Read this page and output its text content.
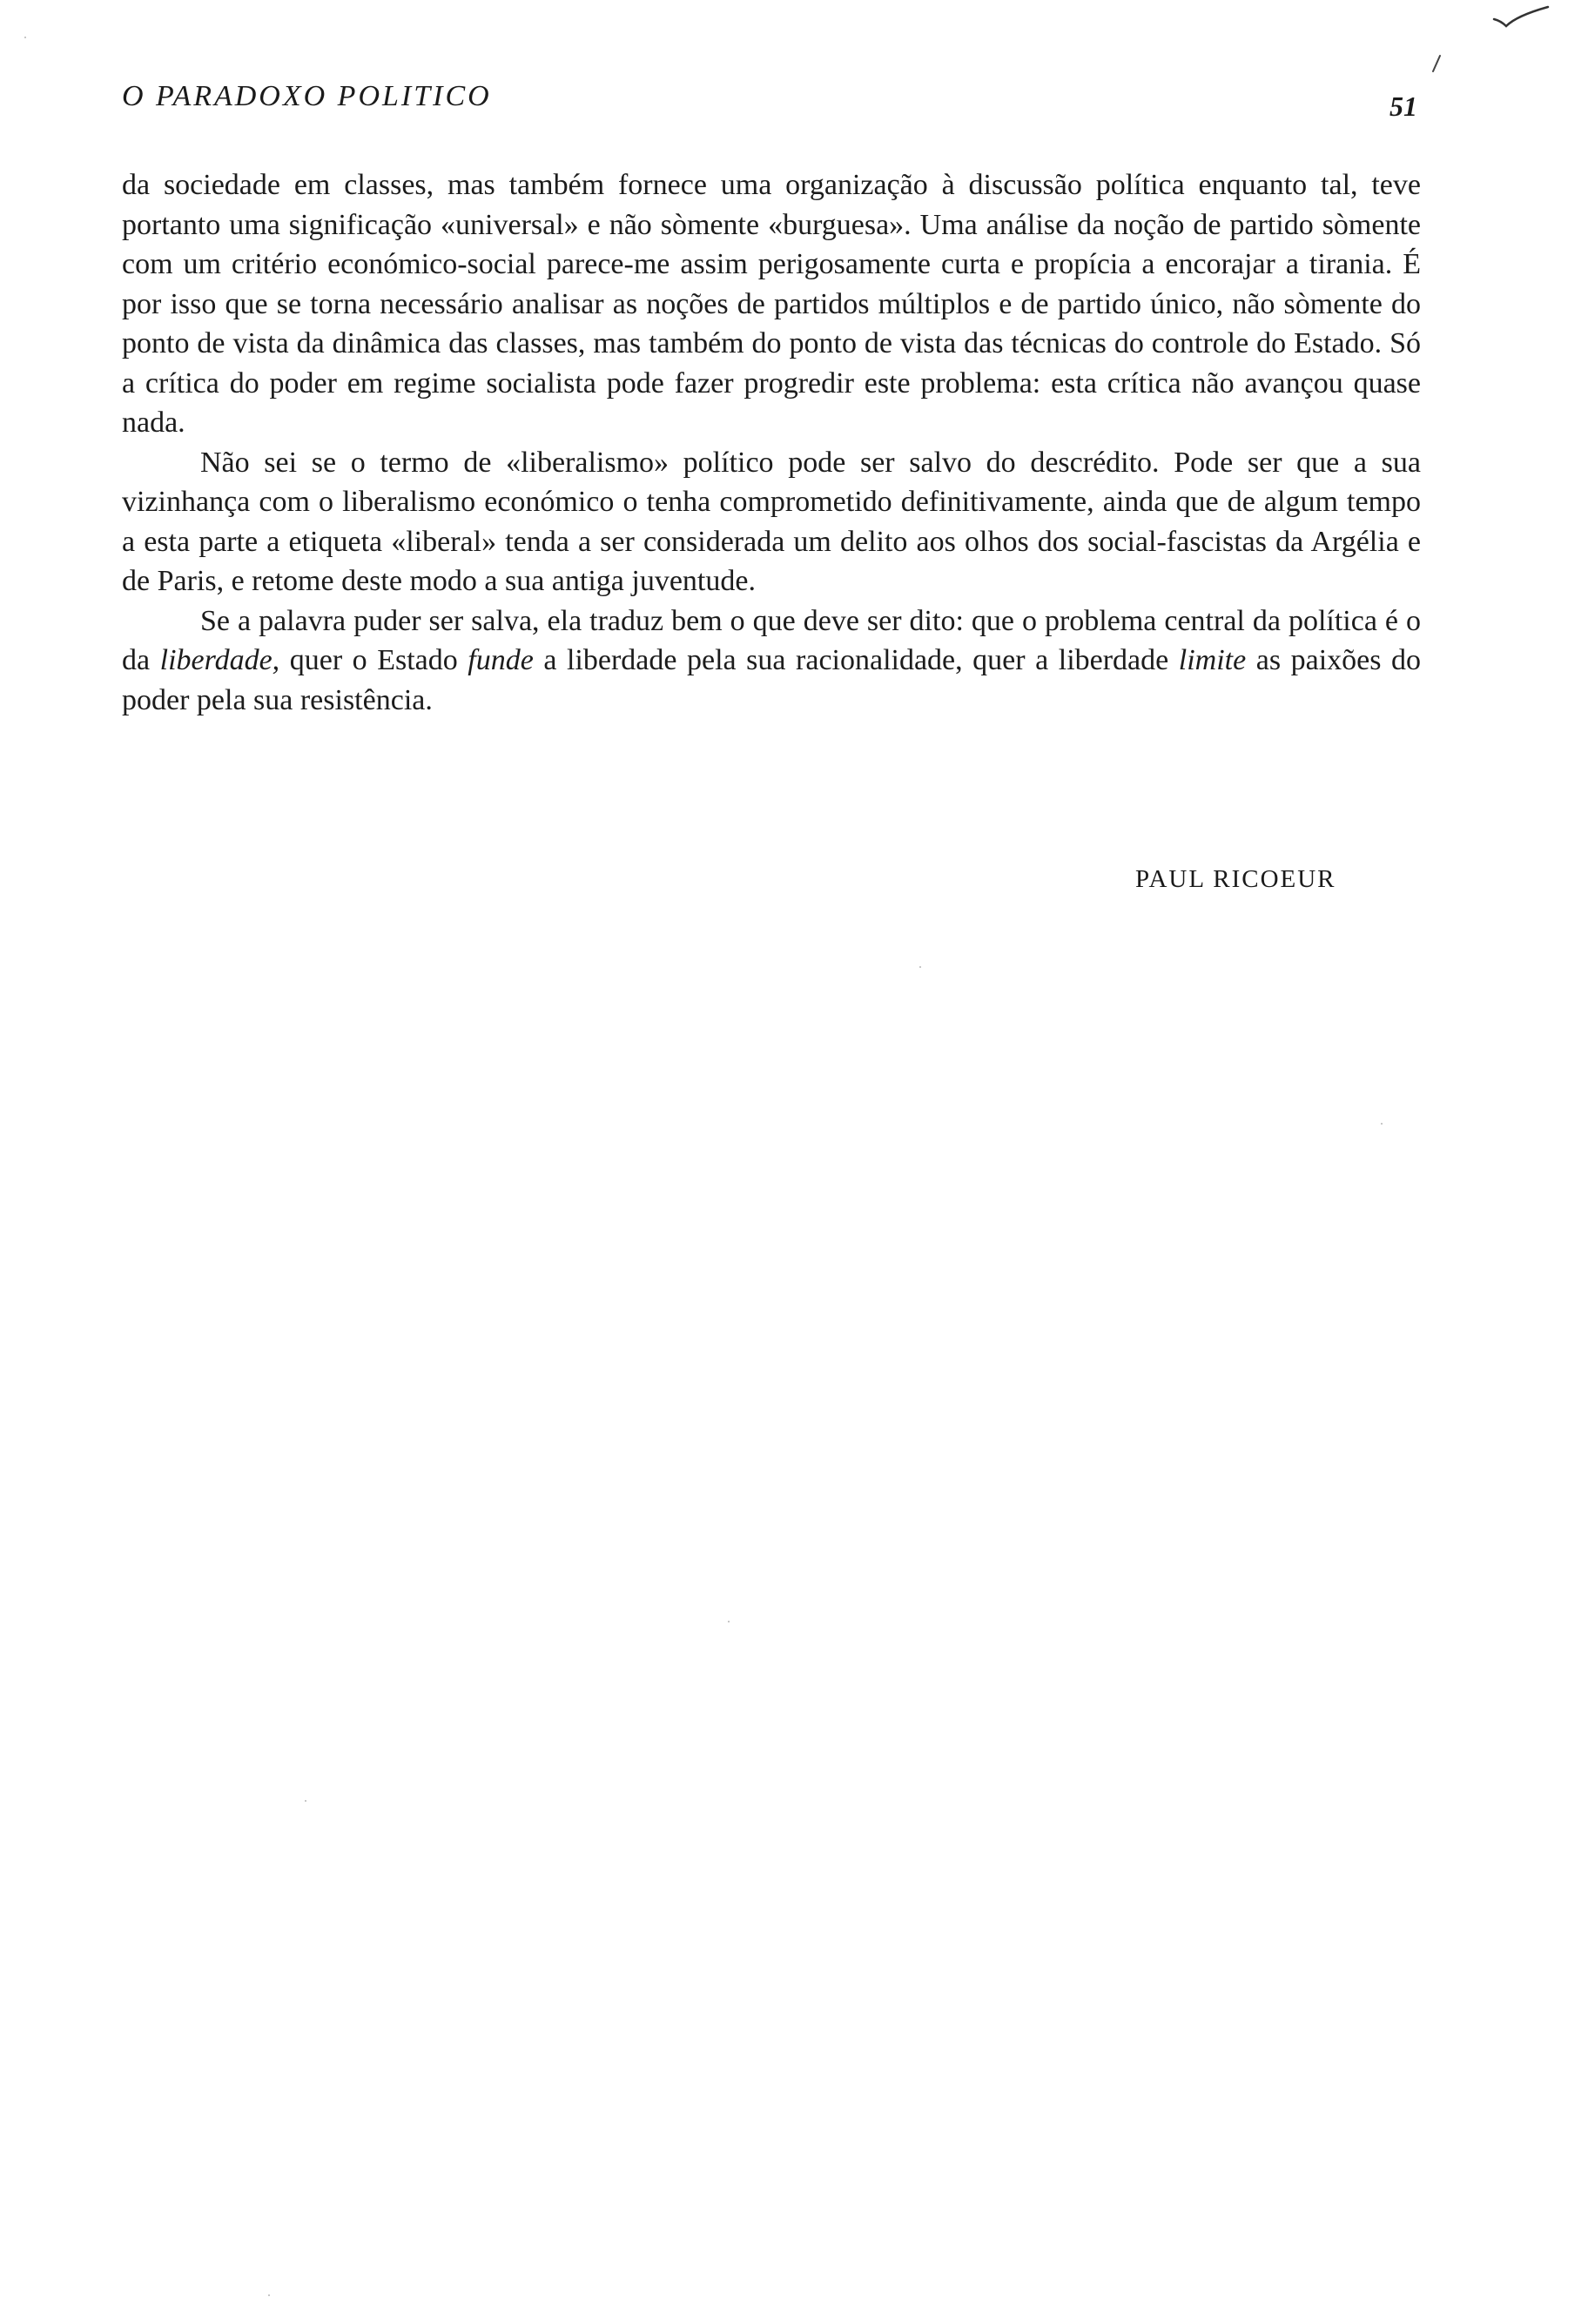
O PARADOXO POLITICO	51

da sociedade em classes, mas também fornece uma organização à discussão política enquanto tal, teve portanto uma significação «universal» e não sòmente «burguesa». Uma análise da noção de partido sòmente com um critério económico-social parece-me assim perigosamente curta e propícia a encorajar a tirania. É por isso que se torna necessário analisar as noções de partidos múltiplos e de partido único, não sòmente do ponto de vista da dinâmica das classes, mas também do ponto de vista das técnicas do controle do Estado. Só a crítica do poder em regime socialista pode fazer progredir este problema: esta crítica não avançou quase nada.

Não sei se o termo de «liberalismo» político pode ser salvo do descrédito. Pode ser que a sua vizinhança com o liberalismo económico o tenha comprometido definitivamente, ainda que de algum tempo a esta parte a etiqueta «liberal» tenda a ser considerada um delito aos olhos dos social-fascistas da Argélia e de Paris, e retome deste modo a sua antiga juventude.

Se a palavra puder ser salva, ela traduz bem o que deve ser dito: que o problema central da política é o da liberdade, quer o Estado funde a liberdade pela sua racionalidade, quer a liberdade limite as paixões do poder pela sua resistência.

PAUL RICOEUR
